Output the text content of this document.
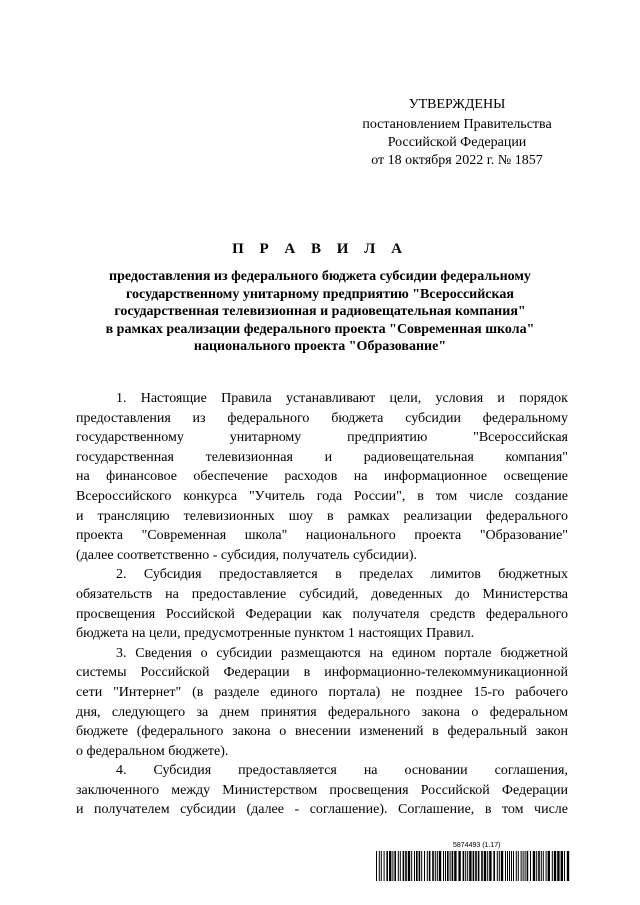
УТВЕРЖДЕНЫ
постановлением Правительства
Российской Федерации
от 18 октября 2022 г. № 1857
П Р А В И Л А
предоставления из федерального бюджета субсидии федеральному
государственному унитарному предприятию "Всероссийская
государственная телевизионная и радиовещательная компания"
в рамках реализации федерального проекта "Современная школа"
национального проекта "Образование"
1. Настоящие Правила устанавливают цели, условия и порядок
предоставления из федерального бюджета субсидии федеральному
государственному унитарному предприятию "Всероссийская
государственная телевизионная и радиовещательная компания"
на финансовое обеспечение расходов на информационное освещение
Всероссийского конкурса "Учитель года России", в том числе создание
и трансляцию телевизионных шоу в рамках реализации федерального
проекта "Современная школа" национального проекта "Образование"
(далее соответственно - субсидия, получатель субсидии).
2. Субсидия предоставляется в пределах лимитов бюджетных
обязательств на предоставление субсидий, доведенных до Министерства
просвещения Российской Федерации как получателя средств федерального
бюджета на цели, предусмотренные пунктом 1 настоящих Правил.
3. Сведения о субсидии размещаются на едином портале бюджетной
системы Российской Федерации в информационно-телекоммуникационной
сети "Интернет" (в разделе единого портала) не позднее 15-го рабочего
дня, следующего за днем принятия федерального закона о федеральном
бюджете (федерального закона о внесении изменений в федеральный закон
о федеральном бюджете).
4. Субсидия предоставляется на основании соглашения,
заключенного между Министерством просвещения Российской Федерации
и получателем субсидии (далее - соглашение). Соглашение, в том числе
5874493 (1.17)
